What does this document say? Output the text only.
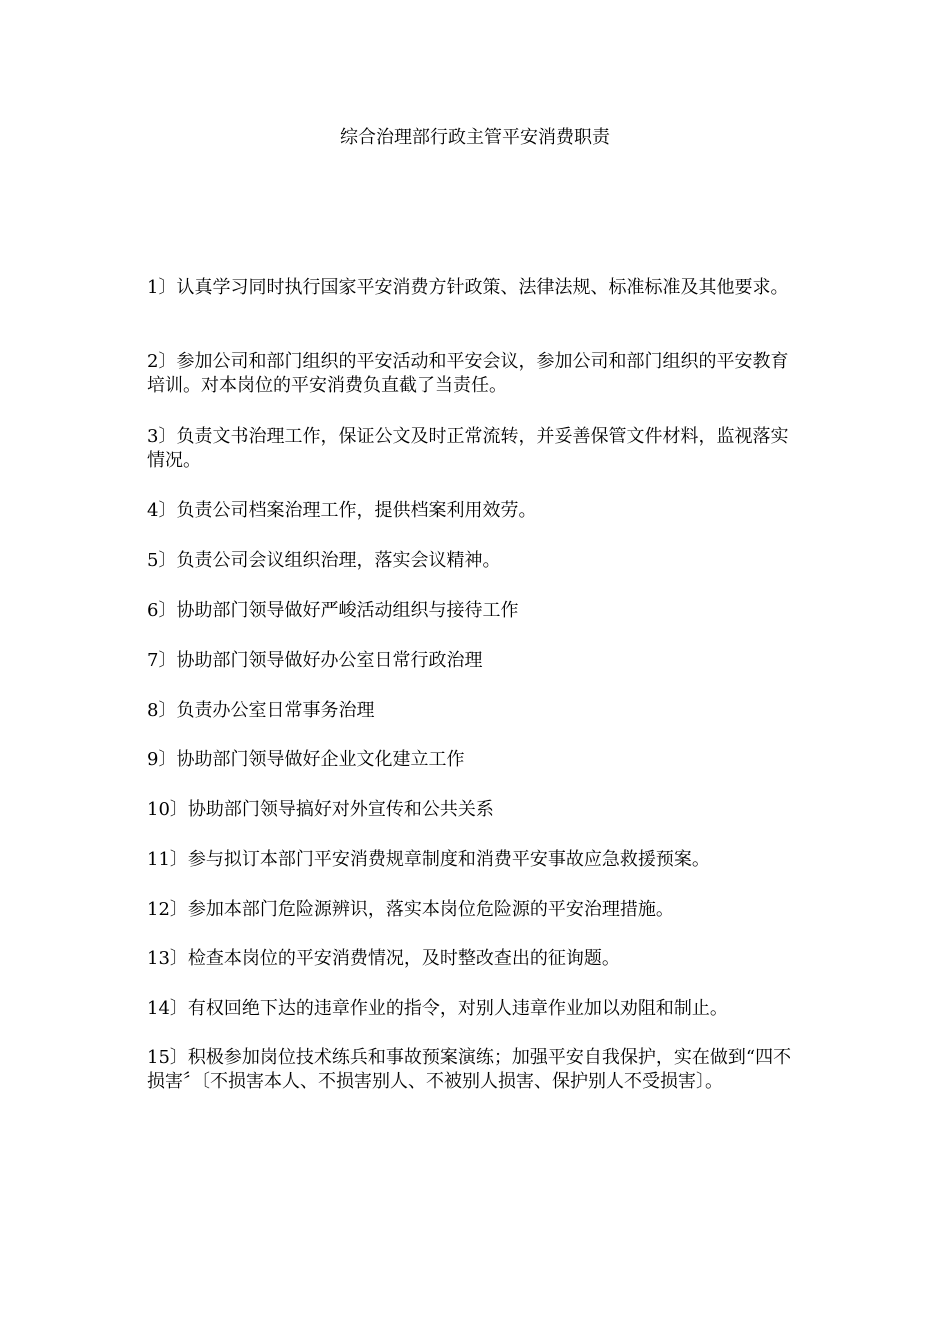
综合治理部行政主管平安消费职责

1〕认真学习同时执行国家平安消费方针政策、法律法规、标准标准及其他要求。

2〕参加公司和部门组织的平安活动和平安会议，参加公司和部门组织的平安教育培训。对本岗位的平安消费负直截了当责任。

3〕负责文书治理工作，保证公文及时正常流转，并妥善保管文件材料，监视落实情况。

4〕负责公司档案治理工作，提供档案利用效劳。

5〕负责公司会议组织治理，落实会议精神。

6〕协助部门领导做好严峻活动组织与接待工作

7〕协助部门领导做好办公室日常行政治理

8〕负责办公室日常事务治理

9〕协助部门领导做好企业文化建立工作

10〕协助部门领导搞好对外宣传和公共关系

11〕参与拟订本部门平安消费规章制度和消费平安事故应急救援预案。

12〕参加本部门危险源辨识，落实本岗位危险源的平安治理措施。

13〕检查本岗位的平安消费情况，及时整改查出的征询题。

14〕有权回绝下达的违章作业的指令，对别人违章作业加以劝阻和制止。

15〕积极参加岗位技术练兵和事故预案演练；加强平安自我保护，实在做到“四不损害〞〔不损害本人、不损害别人、不被别人损害、保护别人不受损害〕。
